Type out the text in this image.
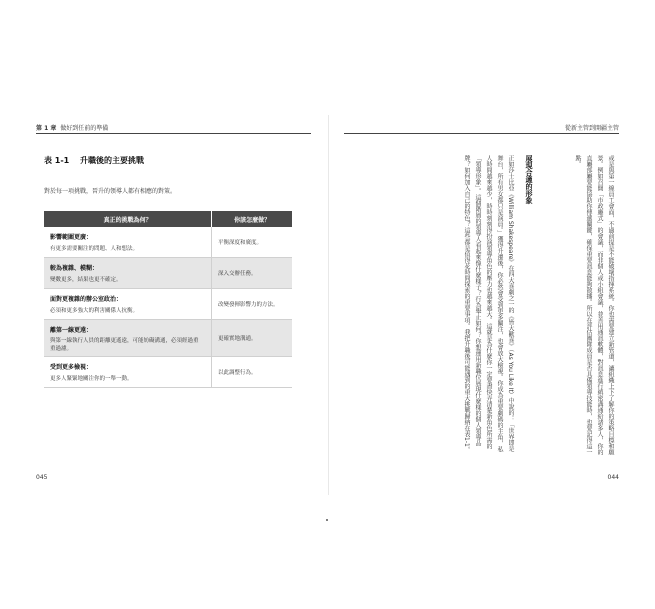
第 1 章 做好到任前的準備
表 1-1 升職後的主要挑戰
對於每一項挑戰，晉升的領導人都有相應的對策。
真正的挑戰為何？	你該怎麼做？
影響範圍更廣：
有更多需要關注的問題、人和想法。
平衡深度和廣度。
較為複雜、模糊：
變數更多，結果也更不確定。
深入交辦任務。
面對更複雜的辦公室政治：
必須和更多強大的利害關係人抗衡。
改變發揮影響力的方法。
離第一線更遠：
與第一線執行人員的距離更遙遠，可能妨礙溝通，必須經過重重過濾。
更確實地溝通。
受到更多檢視：
更多人緊緊地關注你的一舉一動。
以此調整行為。
045
從新主管到開疆主管
或是與第一線員工會面，不過前提是不能破壞指揮系統。你也需要建立新管道，讓組織上下了解你的策略目標和願景。例如召開「市政廳式」的會議，而非個人或小組會議，並善用通訊軟體，對訊息進行縝密溝通給諸多人，你的直屬部屬要能協助你傳遞關鍵，確保重要訊息能夠散播。所以在評估團隊成員是否具備領導技能時，也要記得這一點。
展現合適的形象
正如莎士比亞《William Shakespeare》在四大喜劇之一的《皆大歡喜》（As You Like It）中說的：「世界即是舞台，所有男女都只是演員。」獲得升遷後，你必然會受到更多關注，也會放大檢視。你成為重要劇碼的主角，私人時間越來越少，時時刻刻得扮演領導角色的壓力也越來越大。這就是為什麼你一定要盡快弄清楚新角色所需的「領導形象」。這個階層的領導人看起來像什麼樣子？行為舉止如何？你想運用新職位展現什麼樣的個人領導品牌？如何加入自己的特色？這些都是值得花時間探索的重要事項。我把升職後可能遇到的重大挑戰歸納在表1-1。
044
